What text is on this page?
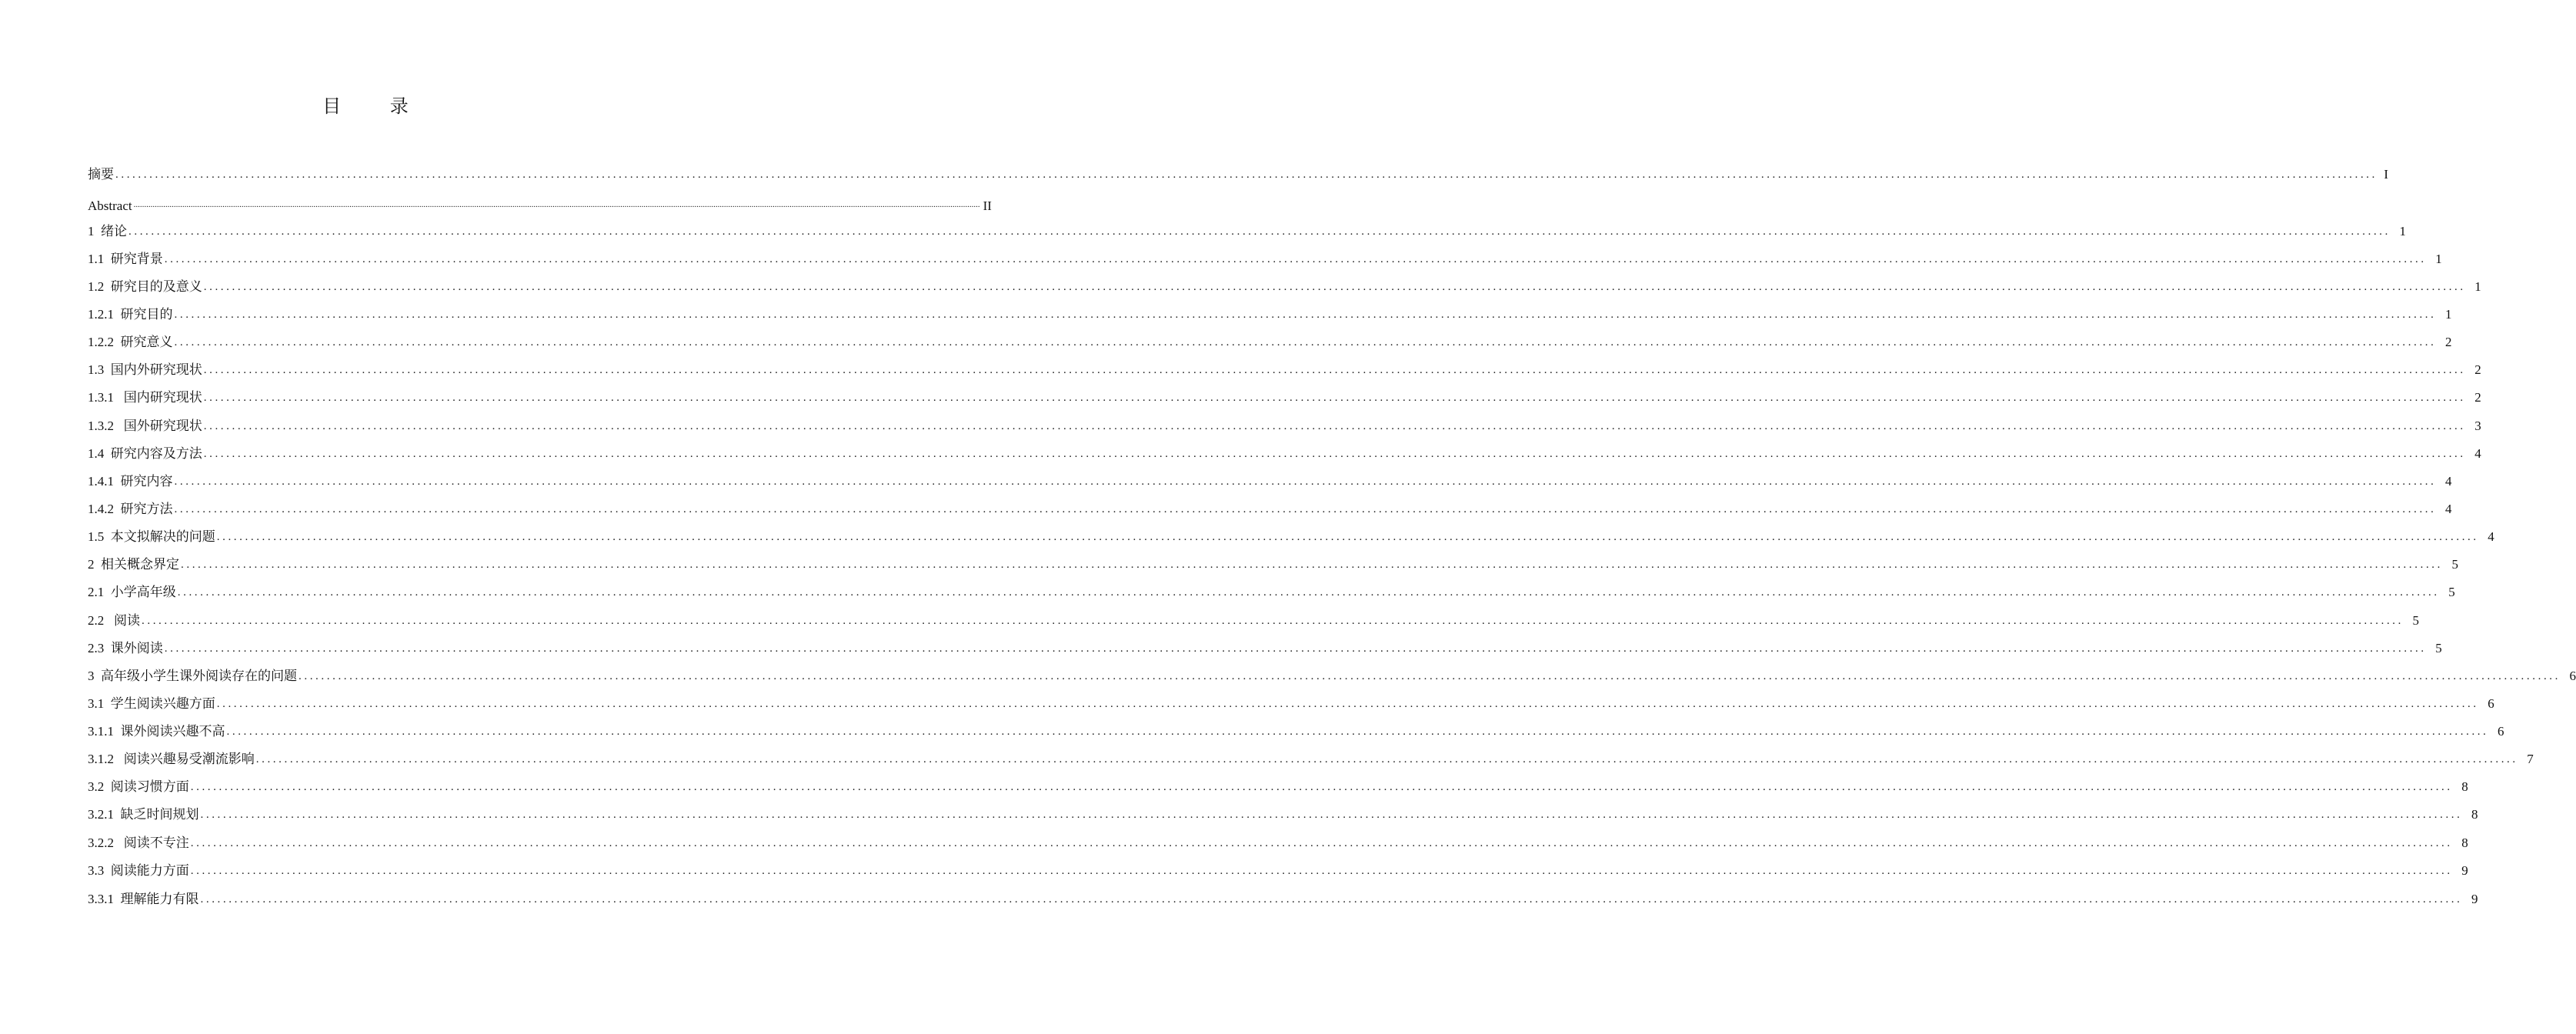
目 录
摘要 ................................................................................................................................................................................................................................................................................................................................................................................................................ I
Abstract ................................................................................................................................................................................................................................................................................................................................................................................................................ II
1  绪论 ................................................................................................................................................................................................................................................................................................................................................................................................................ 1
1.1  研究背景 ................................................................................................................................................................................................................................................................................................................................................................................................................ 1
1.2  研究目的及意义 ................................................................................................................................................................................................................................................................................................................................................................................................................ 1
1.2.1  研究目的 ................................................................................................................................................................................................................................................................................................................................................................................................................ 1
1.2.2  研究意义 ................................................................................................................................................................................................................................................................................................................................................................................................................ 2
1.3  国内外研究现状 ................................................................................................................................................................................................................................................................................................................................................................................................................ 2
1.3.1   国内研究现状 ................................................................................................................................................................................................................................................................................................................................................................................................................ 2
1.3.2   国外研究现状 ................................................................................................................................................................................................................................................................................................................................................................................................................ 3
1.4  研究内容及方法 ................................................................................................................................................................................................................................................................................................................................................................................................................ 4
1.4.1  研究内容 ................................................................................................................................................................................................................................................................................................................................................................................................................ 4
1.4.2  研究方法 ................................................................................................................................................................................................................................................................................................................................................................................................................ 4
1.5  本文拟解决的问题 ................................................................................................................................................................................................................................................................................................................................................................................................................ 4
2  相关概念界定 ................................................................................................................................................................................................................................................................................................................................................................................................................ 5
2.1  小学高年级 ................................................................................................................................................................................................................................................................................................................................................................................................................ 5
2.2   阅读 ................................................................................................................................................................................................................................................................................................................................................................................................................ 5
2.3  课外阅读 ................................................................................................................................................................................................................................................................................................................................................................................................................ 5
3  高年级小学生课外阅读存在的问题 ................................................................................................................................................................................................................................................................................................................................................................................................................ 6
3.1  学生阅读兴趣方面 ................................................................................................................................................................................................................................................................................................................................................................................................................ 6
3.1.1  课外阅读兴趣不高 ................................................................................................................................................................................................................................................................................................................................................................................................................ 6
3.1.2   阅读兴趣易受潮流影响 ................................................................................................................................................................................................................................................................................................................................................................................................................ 7
3.2  阅读习惯方面 ................................................................................................................................................................................................................................................................................................................................................................................................................ 8
3.2.1  缺乏时间规划 ................................................................................................................................................................................................................................................................................................................................................................................................................ 8
3.2.2   阅读不专注 ................................................................................................................................................................................................................................................................................................................................................................................................................ 8
3.3  阅读能力方面 ................................................................................................................................................................................................................................................................................................................................................................................................................ 9
3.3.1  理解能力有限 ................................................................................................................................................................................................................................................................................................................................................................................................................ 9
